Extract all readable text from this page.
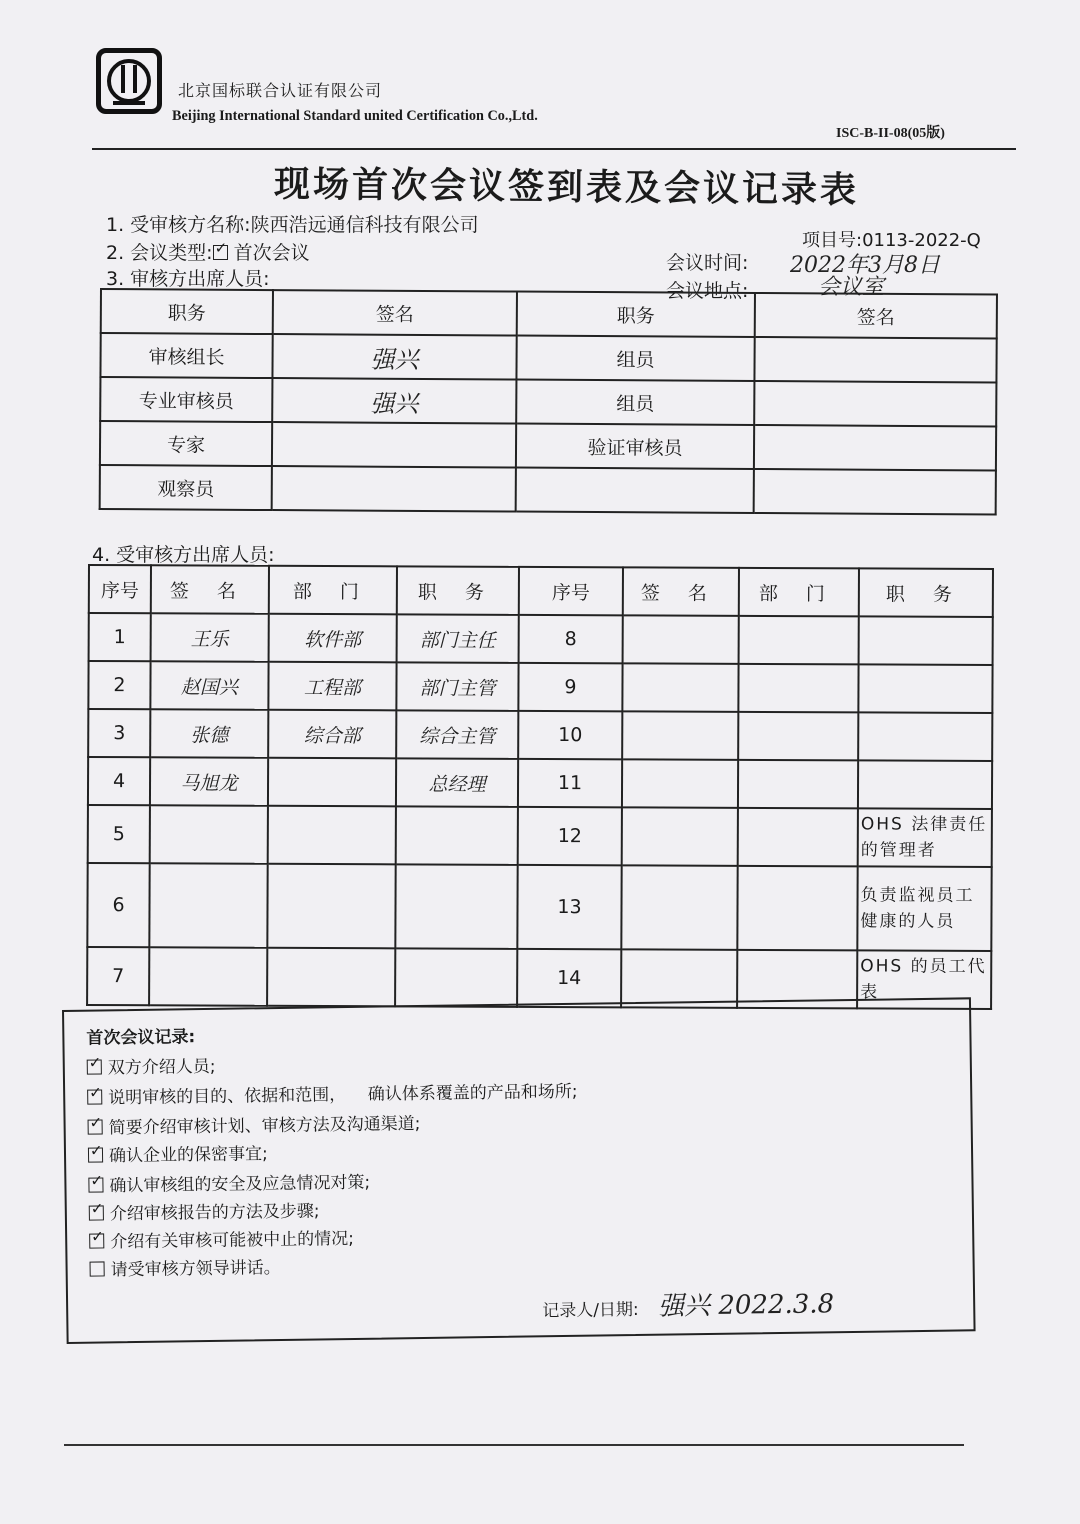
北京国标联合认证有限公司
Beijing International Standard united Certification Co.,Ltd.
ISC-B-II-08(05版)
现场首次会议签到表及会议记录表
1. 受审核方名称:陕西浩远通信科技有限公司
2. 会议类型: ✓ 首次会议
3. 审核方出席人员:
项目号:0113-2022-Q
会议时间: 2022年3月8日
会议地点:	会议室
职务	签名	职务	签名
审核组长	强兴	组员	
专业审核员	强兴	组员	
专家		验证审核员	
观察员			
4. 受审核方出席人员:
序号	签名	部门	职务	序号	签名	部门	职务
1	王乐	软件部	部门主任	8			
2	赵国兴	工程部	部门主管	9			
3	张德	综合部	综合主管	10			
4	马旭龙		总经理	11			
5				12			OHS 法律责任的管理者
6				13			负责监视员工健康的人员
7				14			OHS 的员工代表
首次会议记录:
✓双方介绍人员;
✓说明审核的目的、依据和范围，    确认体系覆盖的产品和场所;
✓简要介绍审核计划、审核方法及沟通渠道;
✓确认企业的保密事宜;
✓确认审核组的安全及应急情况对策;
✓介绍审核报告的方法及步骤;
✓介绍有关审核可能被中止的情况;
请受审核方领导讲话。
记录人/日期: 强兴 2022.3.8
